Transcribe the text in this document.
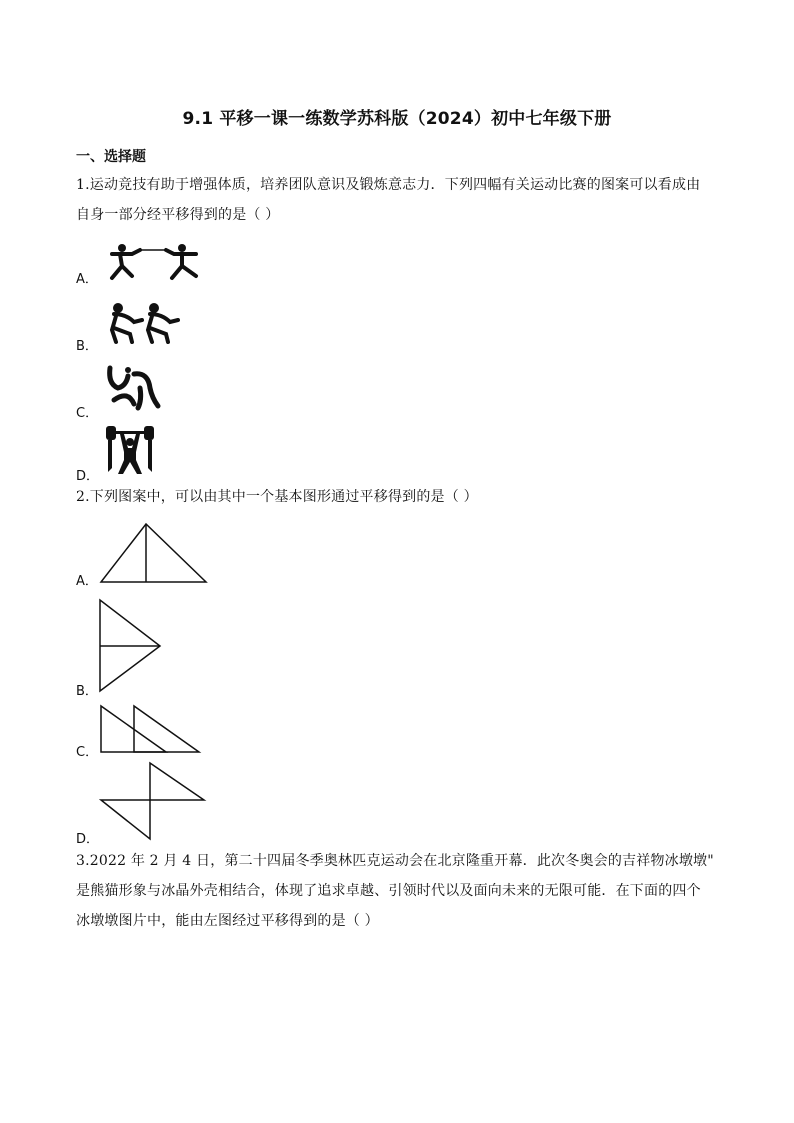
9.1 平移一课一练数学苏科版（2024）初中七年级下册
一、选择题
1.运动竞技有助于增强体质，培养团队意识及锻炼意志力．下列四幅有关运动比赛的图案可以看成由
自身一部分经平移得到的是（ ）
A．
B．
C．
D．
2.下列图案中，可以由其中一个基本图形通过平移得到的是（ ）
A．
B．
C．
D．
3.2022 年 2 月 4 日，第二十四届冬季奥林匹克运动会在北京隆重开幕．此次冬奥会的吉祥物冰墩墩"
是熊猫形象与冰晶外壳相结合，体现了追求卓越、引领时代以及面向未来的无限可能．在下面的四个
冰墩墩图片中，能由左图经过平移得到的是（ ）
